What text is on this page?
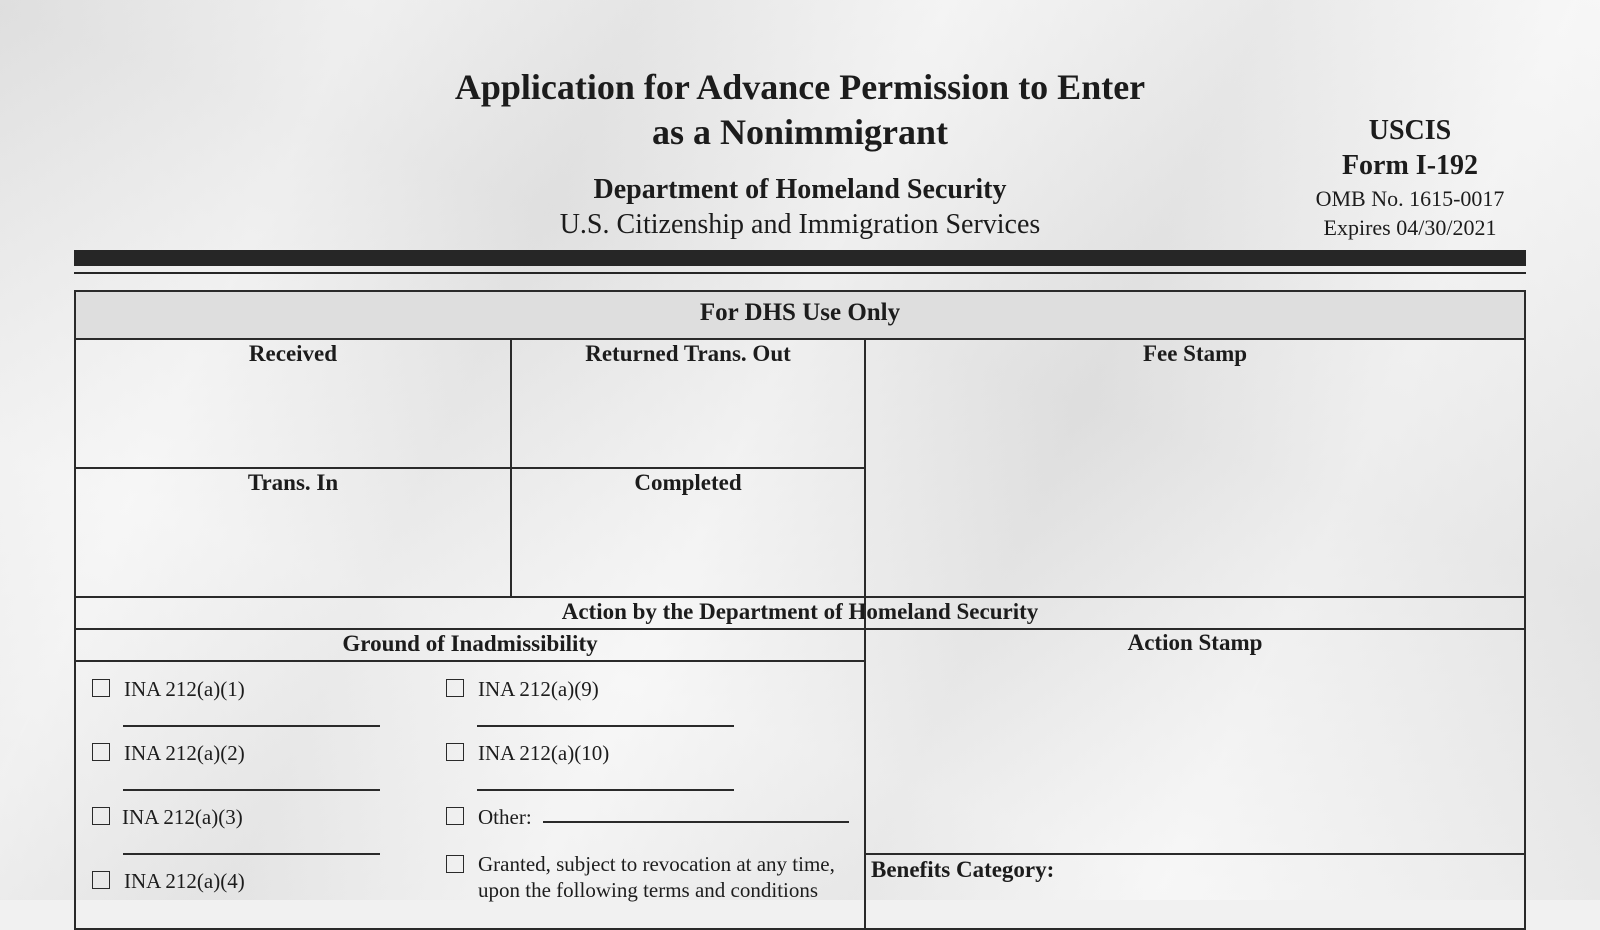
Application for Advance Permission to Enter
as a Nonimmigrant
Department of Homeland Security
U.S. Citizenship and Immigration Services
USCIS
Form I-192
OMB No. 1615-0017
Expires 04/30/2021
For DHS Use Only
Received	Returned Trans. Out	Fee Stamp
Trans. In	Completed
Action by the Department of Homeland Security
Ground of Inadmissibility	Action Stamp
Benefits Category:
INA 212(a)(1)
INA 212(a)(2)
INA 212(a)(3)
INA 212(a)(4)
INA 212(a)(9)
INA 212(a)(10)
Other:
Granted, subject to revocation at any time,
upon the following terms and conditions
